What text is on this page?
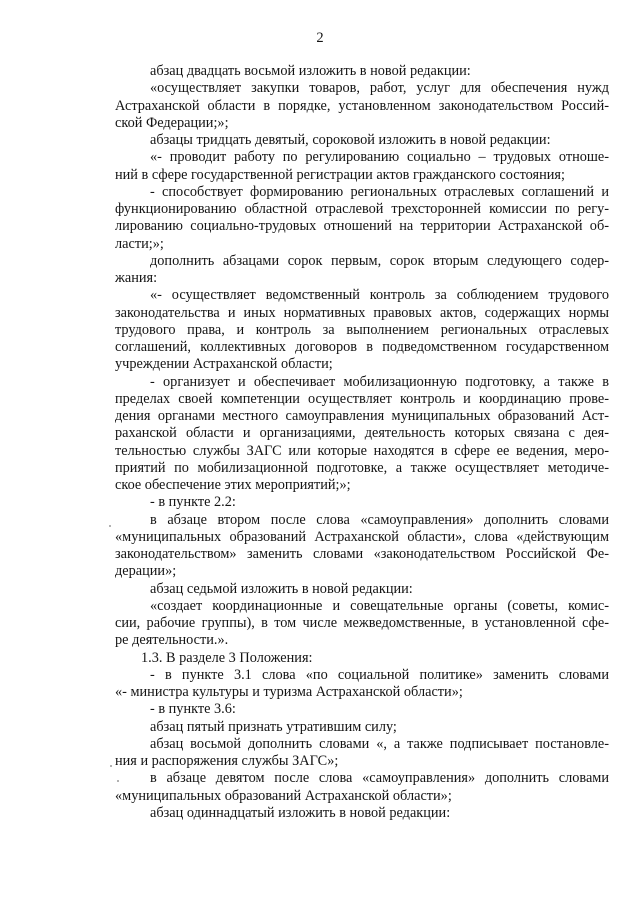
2
абзац двадцать восьмой изложить в новой редакции:
«осуществляет закупки товаров, работ, услуг для обеспечения нужд
Астраханской области в порядке, установленном законодательством Россий-
ской Федерации;»;
абзацы тридцать девятый, сороковой изложить в новой редакции:
«- проводит работу по регулированию социально – трудовых отноше-
ний в сфере государственной регистрации актов гражданского состояния;
- способствует формированию региональных отраслевых соглашений и
функционированию областной отраслевой трехсторонней комиссии по регу-
лированию социально-трудовых отношений на территории Астраханской об-
ласти;»;
дополнить абзацами сорок первым, сорок вторым следующего содер-
жания:
«- осуществляет ведомственный контроль за соблюдением трудового
законодательства и иных нормативных правовых актов, содержащих нормы
трудового права, и контроль за выполнением региональных отраслевых
соглашений, коллективных договоров в подведомственном государственном
учреждении Астраханской области;
- организует и обеспечивает мобилизационную подготовку, а также в
пределах своей компетенции осуществляет контроль и координацию прове-
дения органами местного самоуправления муниципальных образований Аст-
раханской области и организациями, деятельность которых связана с дея-
тельностью службы ЗАГС или которые находятся в сфере ее ведения, меро-
приятий по мобилизационной подготовке, а также осуществляет методиче-
ское обеспечение этих мероприятий;»;
- в пункте 2.2:
в абзаце втором после слова «самоуправления» дополнить словами
«муниципальных образований Астраханской области», слова «действующим
законодательством» заменить словами «законодательством Российской Фе-
дерации»;
абзац седьмой изложить в новой редакции:
«создает координационные и совещательные органы (советы, комис-
сии, рабочие группы), в том числе межведомственные, в установленной сфе-
ре деятельности.».
1.3. В разделе 3 Положения:
- в пункте 3.1 слова «по социальной политике» заменить словами
«- министра культуры и туризма Астраханской области»;
- в пункте 3.6:
абзац пятый признать утратившим силу;
абзац восьмой дополнить словами «, а также подписывает постановле-
ния и распоряжения службы ЗАГС»;
в абзаце девятом после слова «самоуправления» дополнить словами
«муниципальных образований Астраханской области»;
абзац одиннадцатый изложить в новой редакции:
